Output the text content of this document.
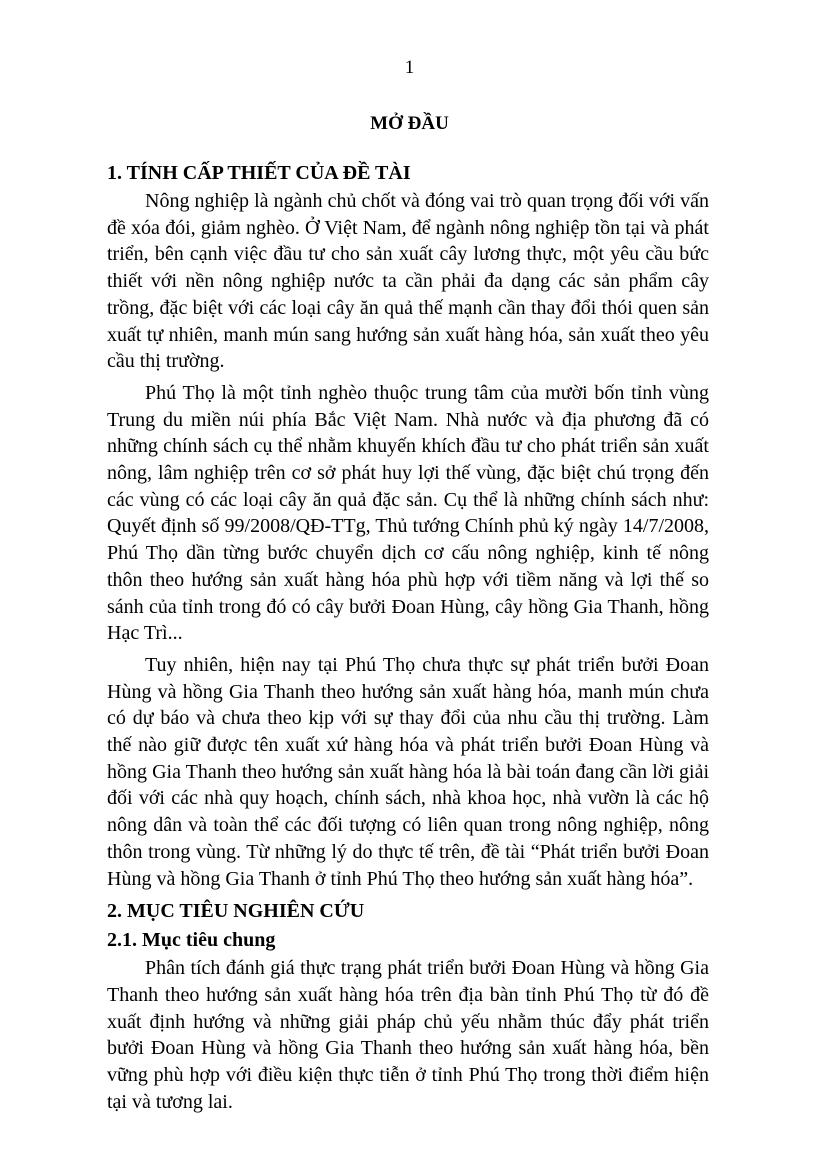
1
MỞ ĐẦU

1. TÍNH CẤP THIẾT CỦA ĐỀ TÀI

Nông nghiệp là ngành chủ chốt và đóng vai trò quan trọng đối với vấn đề xóa đói, giảm nghèo. Ở Việt Nam, để ngành nông nghiệp tồn tại và phát triển, bên cạnh việc đầu tư cho sản xuất cây lương thực, một yêu cầu bức thiết với nền nông nghiệp nước ta cần phải đa dạng các sản phẩm cây trồng, đặc biệt với các loại cây ăn quả thế mạnh cần thay đổi thói quen sản xuất tự nhiên, manh mún sang hướng sản xuất hàng hóa, sản xuất theo yêu cầu thị trường.

Phú Thọ là một tỉnh nghèo thuộc trung tâm của mười bốn tỉnh vùng Trung du miền núi phía Bắc Việt Nam. Nhà nước và địa phương đã có những chính sách cụ thể nhằm khuyến khích đầu tư cho phát triển sản xuất nông, lâm nghiệp trên cơ sở phát huy lợi thế vùng, đặc biệt chú trọng đến các vùng có các loại cây ăn quả đặc sản. Cụ thể là những chính sách như: Quyết định số 99/2008/QĐ-TTg, Thủ tướng Chính phủ ký ngày 14/7/2008, Phú Thọ dần từng bước chuyển dịch cơ cấu nông nghiệp, kinh tế nông thôn theo hướng sản xuất hàng hóa phù hợp với tiềm năng và lợi thế so sánh của tỉnh trong đó có cây bưởi Đoan Hùng, cây hồng Gia Thanh, hồng Hạc Trì...

Tuy nhiên, hiện nay tại Phú Thọ chưa thực sự phát triển bưởi Đoan Hùng và hồng Gia Thanh theo hướng sản xuất hàng hóa, manh mún chưa có dự báo và chưa theo kịp với sự thay đổi của nhu cầu thị trường. Làm thế nào giữ được tên xuất xứ hàng hóa và phát triển bưởi Đoan Hùng và hồng Gia Thanh theo hướng sản xuất hàng hóa là bài toán đang cần lời giải đối với các nhà quy hoạch, chính sách, nhà khoa học, nhà vườn là các hộ nông dân và toàn thể các đối tượng có liên quan trong nông nghiệp, nông thôn trong vùng. Từ những lý do thực tế trên, đề tài “Phát triển bưởi Đoan Hùng và hồng Gia Thanh ở tỉnh Phú Thọ theo hướng sản xuất hàng hóa”.

2. MỤC TIÊU NGHIÊN CỨU

2.1. Mục tiêu chung

Phân tích đánh giá thực trạng phát triển bưởi Đoan Hùng và hồng Gia Thanh theo hướng sản xuất hàng hóa trên địa bàn tỉnh Phú Thọ từ đó đề xuất định hướng và những giải pháp chủ yếu nhằm thúc đẩy phát triển bưởi Đoan Hùng và hồng Gia Thanh theo hướng sản xuất hàng hóa, bền vững phù hợp với điều kiện thực tiễn ở tỉnh Phú Thọ trong thời điểm hiện tại và tương lai.
